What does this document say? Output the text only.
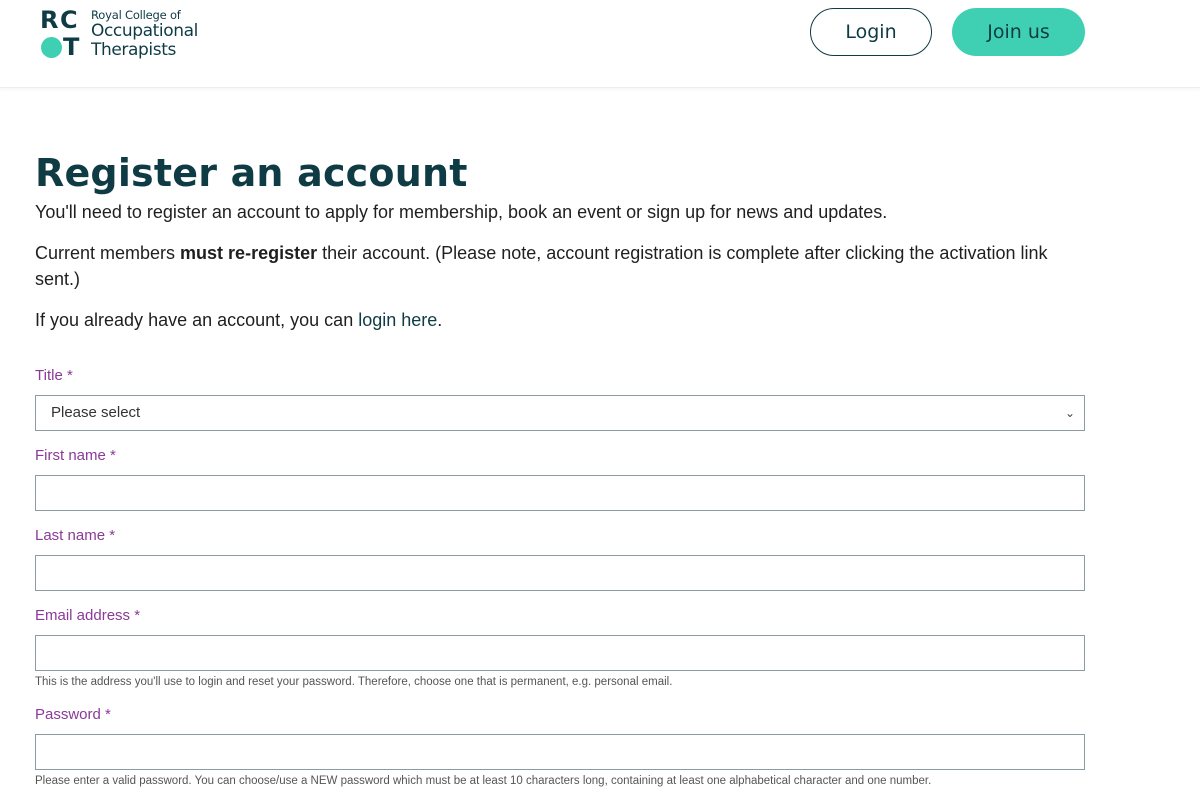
R C
T
Royal College of
Occupational
Therapists
Login	Join us
Register an account

You'll need to register an account to apply for membership, book an event or sign up for news and updates.

Current members must re-register their account. (Please note, account registration is complete after clicking the activation link sent.)

If you already have an account, you can login here.

Title *
Please select	⌄
First name *
Last name *
Email address *
This is the address you'll use to login and reset your password. Therefore, choose one that is permanent, e.g. personal email.
Password *
Please enter a valid password. You can choose/use a NEW password which must be at least 10 characters long, containing at least one alphabetical character and one number.
